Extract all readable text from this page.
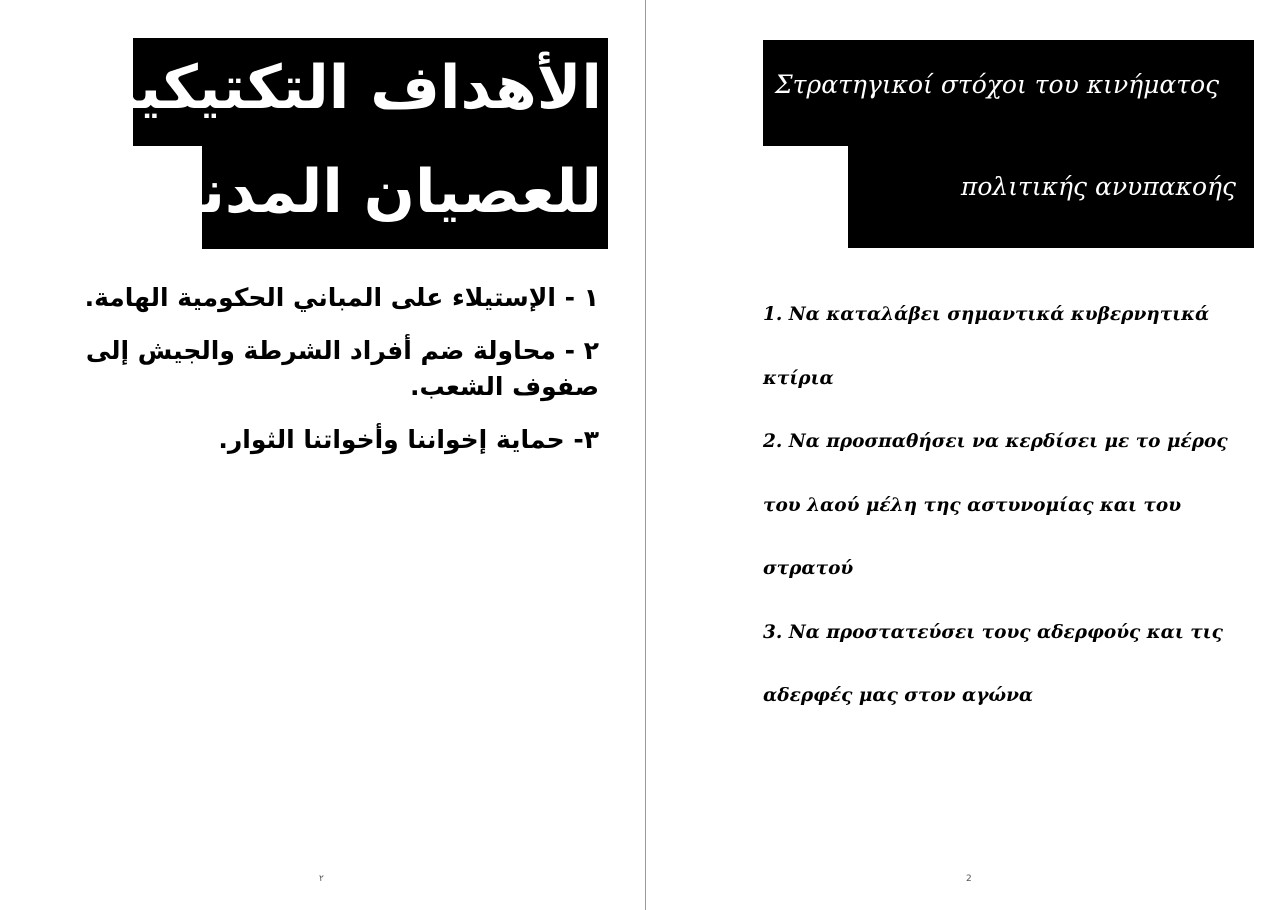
الأهداف التكتيكية
للعصيان المدني
١ - الإستيلاء على المباني الحكومية الهامة.
٢ - محاولة ضم أفراد الشرطة والجيش إلى صفوف الشعب.
٣- حماية إخواننا وأخواتنا الثوار.
٢
Στρατηγικοί στόχοι του κινήματος
πολιτικής ανυπακοής
1. Να καταλάβει σημαντικά κυβερνητικά
κτίρια
2. Να προσπαθήσει να κερδίσει με το μέρος
του λαού μέλη της αστυνομίας και του στρατού
3. Να προστατεύσει τους αδερφούς και τις
αδερφές μας στον αγώνα
2
